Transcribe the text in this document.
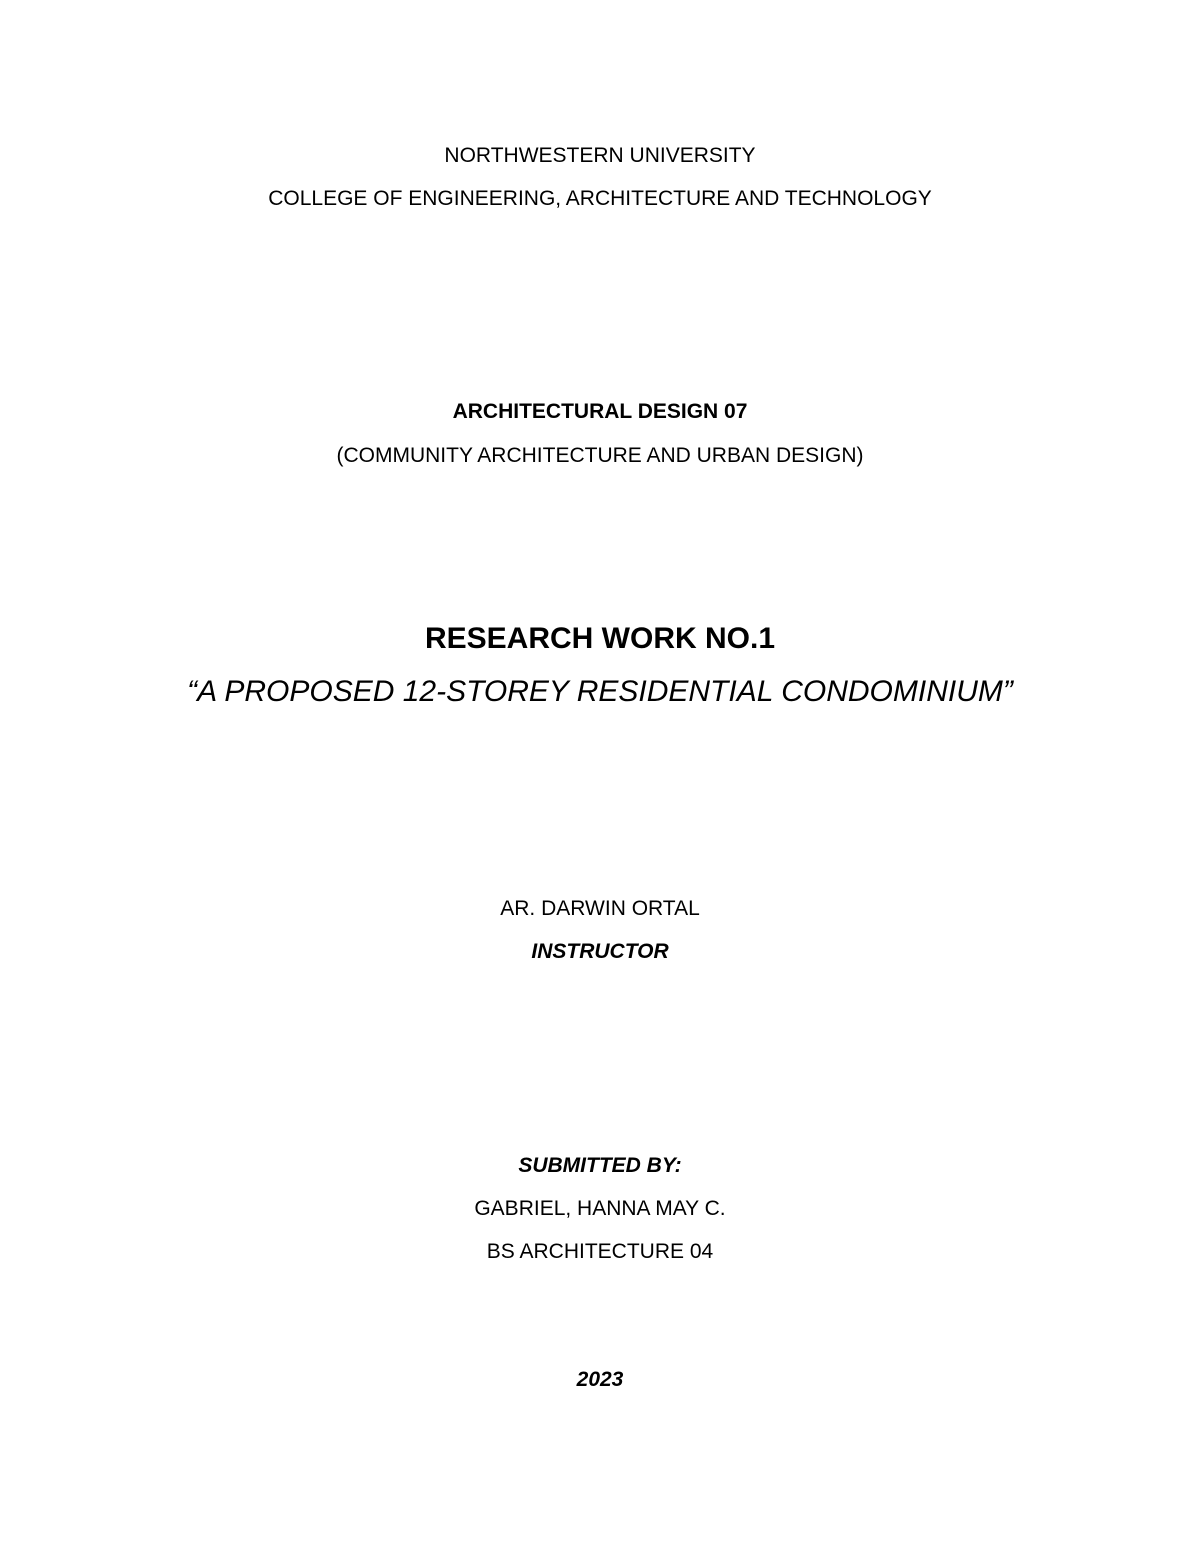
NORTHWESTERN UNIVERSITY
COLLEGE OF ENGINEERING, ARCHITECTURE AND TECHNOLOGY
ARCHITECTURAL DESIGN 07
(COMMUNITY ARCHITECTURE AND URBAN DESIGN)
RESEARCH WORK NO.1
“A PROPOSED 12-STOREY RESIDENTIAL CONDOMINIUM”
AR. DARWIN ORTAL
INSTRUCTOR
SUBMITTED BY:
GABRIEL, HANNA MAY C.
BS ARCHITECTURE 04
2023
